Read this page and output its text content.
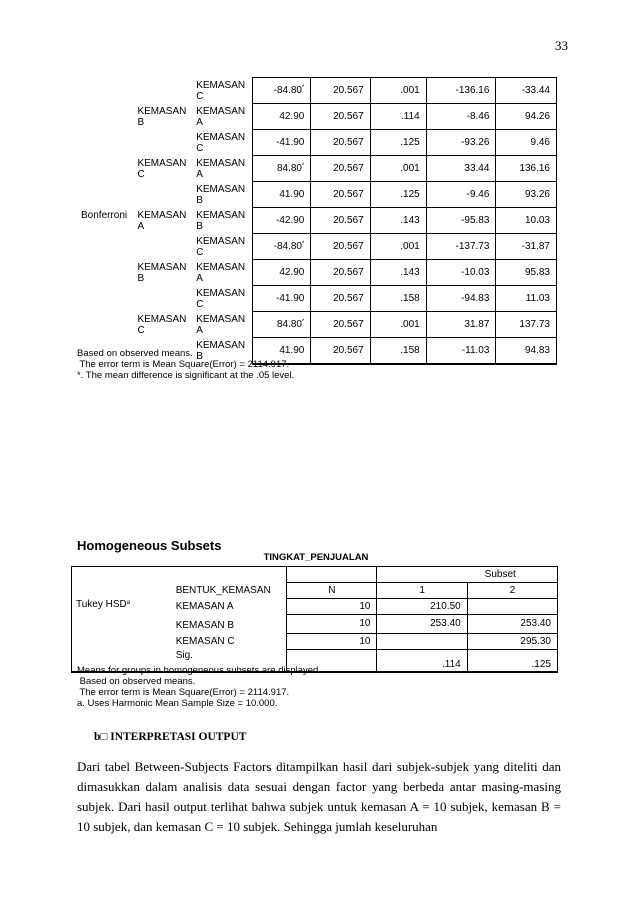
33
		KEMASAN C	-84.80*	20.567	.001	-136.16	-33.44
	KEMASAN B	KEMASAN A	42.90	20.567	.114	-8.46	94.26
		KEMASAN C	-41.90	20.567	.125	-93.26	9.46
	KEMASAN C	KEMASAN A	84.80*	20.567	.001	33.44	136.16
		KEMASAN B	41.90	20.567	.125	-9.46	93.26
Bonferroni	KEMASAN A	KEMASAN B	-42.90	20.567	.143	-95.83	10.03
		KEMASAN C	-84.80*	20.567	.001	-137.73	-31.87
	KEMASAN B	KEMASAN A	42.90	20.567	.143	-10.03	95.83
		KEMASAN C	-41.90	20.567	.158	-94.83	11.03
	KEMASAN C	KEMASAN A	84.80*	20.567	.001	31.87	137.73
		KEMASAN B	41.90	20.567	.158	-11.03	94.83
Based on observed means.
The error term is Mean Square(Error) = 2114.917.
*. The mean difference is significant at the .05 level.
Homogeneous Subsets
TINGKAT_PENJUALAN
			Subset	
	BENTUK_KEMASAN	N	1	2
Tukey HSD$^a$	KEMASAN A	10	210.50	
	KEMASAN B	10	253.40	253.40
	KEMASAN C	10		295.30
	Sig.		.114	.125
Means for groups in homogeneous subsets are displayed.
Based on observed means.
The error term is Mean Square(Error) = 2114.917.
a. Uses Harmonic Mean Sample Size = 10.000.
b□ INTERPRETASI OUTPUT

Dari tabel Between-Subjects Factors ditampilkan hasil dari subjek-subjek yang diteliti dan dimasukkan dalam analisis data sesuai dengan factor yang berbeda antar masing-masing subjek. Dari hasil output terlihat bahwa subjek untuk kemasan A = 10 subjek, kemasan B = 10 subjek, dan kemasan C = 10 subjek. Sehingga jumlah keseluruhan
